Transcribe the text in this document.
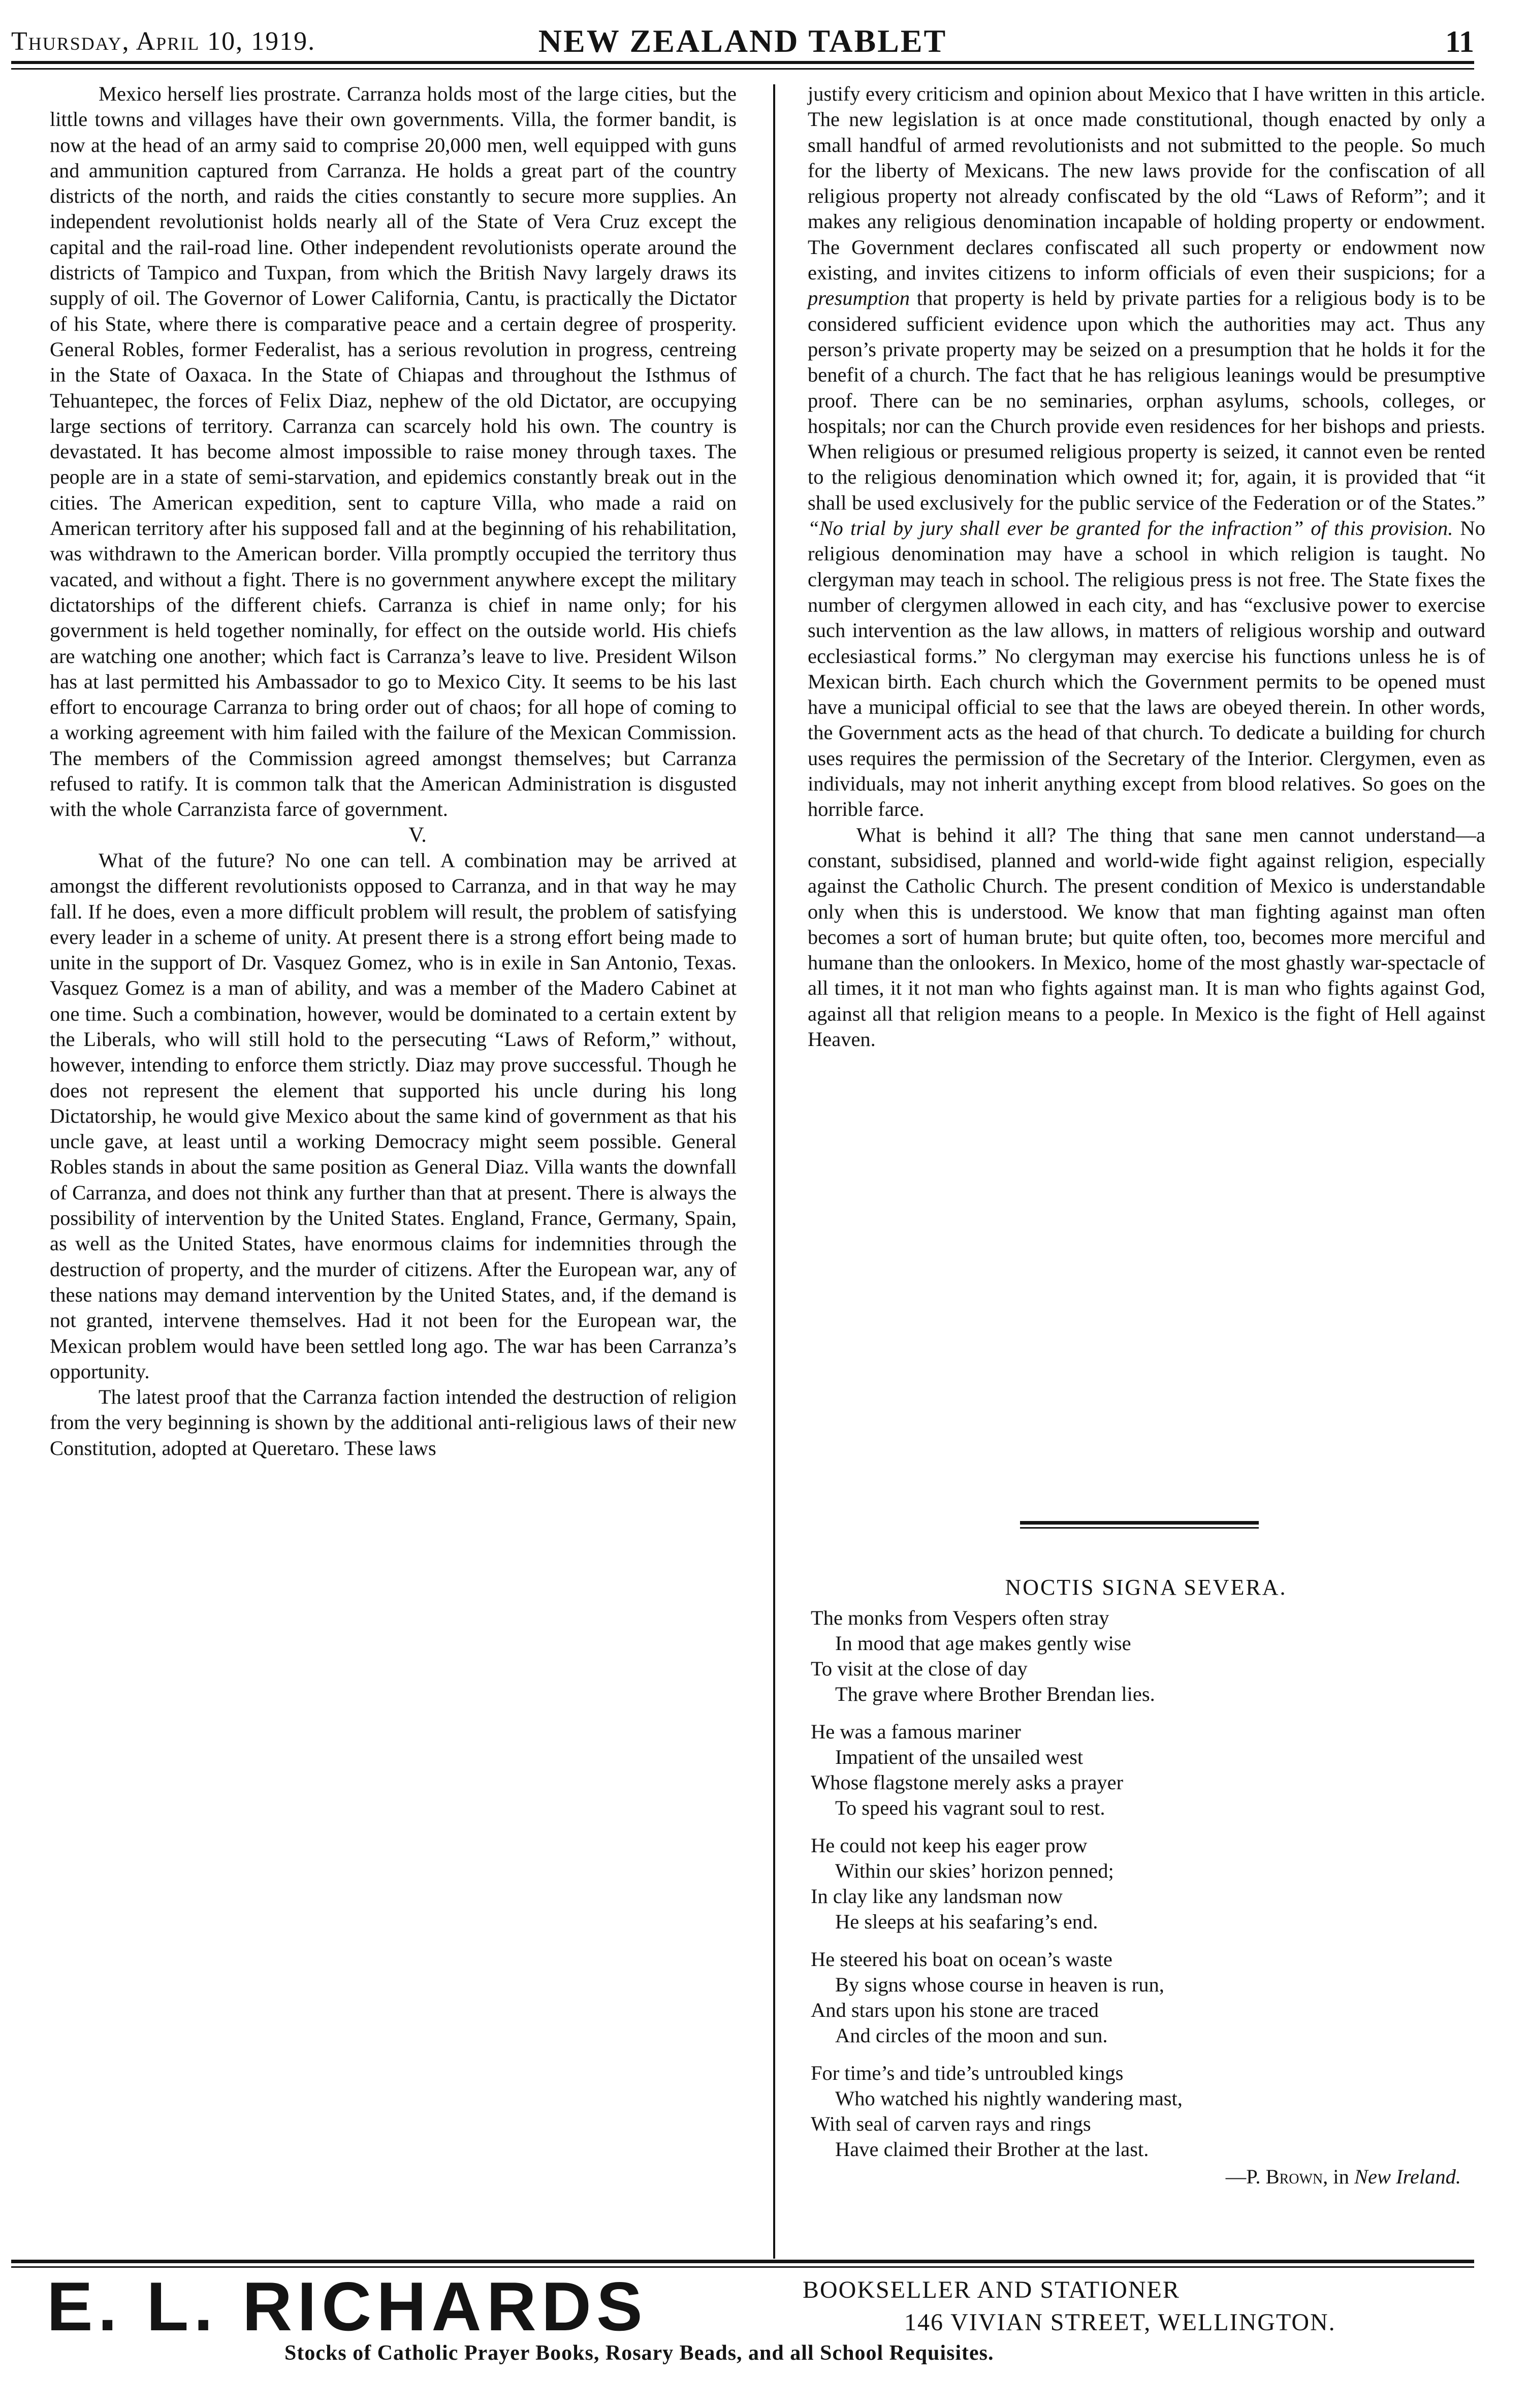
Thursday, April 10, 1919.	NEW ZEALAND TABLET	11

Mexico herself lies prostrate. Carranza holds most of the large cities, but the little towns and villages have their own governments. Villa, the former bandit, is now at the head of an army said to comprise 20,000 men, well equipped with guns and ammunition captured from Carranza. He holds a great part of the country districts of the north, and raids the cities constantly to secure more supplies. An independent revolutionist holds nearly all of the State of Vera Cruz except the capital and the rail-road line. Other independent revolutionists operate around the districts of Tampico and Tuxpan, from which the British Navy largely draws its supply of oil. The Governor of Lower California, Cantu, is practically the Dictator of his State, where there is comparative peace and a certain degree of prosperity. General Robles, former Federalist, has a serious revolution in progress, centreing in the State of Oaxaca. In the State of Chiapas and throughout the Isthmus of Tehuantepec, the forces of Felix Diaz, nephew of the old Dictator, are occupying large sections of territory. Carranza can scarcely hold his own. The country is devastated. It has become almost impossible to raise money through taxes. The people are in a state of semi-starvation, and epidemics constantly break out in the cities. The American expedition, sent to capture Villa, who made a raid on American territory after his supposed fall and at the beginning of his rehabilitation, was withdrawn to the American border. Villa promptly occupied the territory thus vacated, and without a fight. There is no government anywhere except the military dictatorships of the different chiefs. Carranza is chief in name only; for his government is held together nominally, for effect on the outside world. His chiefs are watching one another; which fact is Carranza’s leave to live. President Wilson has at last permitted his Ambassador to go to Mexico City. It seems to be his last effort to encourage Carranza to bring order out of chaos; for all hope of coming to a working agreement with him failed with the failure of the Mexican Commission. The members of the Commission agreed amongst themselves; but Carranza refused to ratify. It is common talk that the American Administration is disgusted with the whole Carranzista farce of government.

V.

What of the future? No one can tell. A combination may be arrived at amongst the different revolutionists opposed to Carranza, and in that way he may fall. If he does, even a more difficult problem will result, the problem of satisfying every leader in a scheme of unity. At present there is a strong effort being made to unite in the support of Dr. Vasquez Gomez, who is in exile in San Antonio, Texas. Vasquez Gomez is a man of ability, and was a member of the Madero Cabinet at one time. Such a combination, however, would be dominated to a certain extent by the Liberals, who will still hold to the persecuting “Laws of Reform,” without, however, intending to enforce them strictly. Diaz may prove successful. Though he does not represent the element that supported his uncle during his long Dictatorship, he would give Mexico about the same kind of government as that his uncle gave, at least until a working Democracy might seem possible. General Robles stands in about the same position as General Diaz. Villa wants the downfall of Carranza, and does not think any further than that at present. There is always the possibility of intervention by the United States. England, France, Germany, Spain, as well as the United States, have enormous claims for indemnities through the destruction of property, and the murder of citizens. After the European war, any of these nations may demand intervention by the United States, and, if the demand is not granted, intervene themselves. Had it not been for the European war, the Mexican problem would have been settled long ago. The war has been Carranza’s opportunity.

The latest proof that the Carranza faction intended the destruction of religion from the very beginning is shown by the additional anti-religious laws of their new Constitution, adopted at Queretaro. These laws

justify every criticism and opinion about Mexico that I have written in this article. The new legislation is at once made constitutional, though enacted by only a small handful of armed revolutionists and not submitted to the people. So much for the liberty of Mexicans. The new laws provide for the confiscation of all religious property not already confiscated by the old “Laws of Reform”; and it makes any religious denomination incapable of holding property or endowment. The Government declares confiscated all such property or endowment now existing, and invites citizens to inform officials of even their suspicions; for a presumption that property is held by private parties for a religious body is to be considered sufficient evidence upon which the authorities may act. Thus any person’s private property may be seized on a presumption that he holds it for the benefit of a church. The fact that he has religious leanings would be presumptive proof. There can be no seminaries, orphan asylums, schools, colleges, or hospitals; nor can the Church provide even residences for her bishops and priests. When religious or presumed religious property is seized, it cannot even be rented to the religious denomination which owned it; for, again, it is provided that “it shall be used exclusively for the public service of the Federation or of the States.” “No trial by jury shall ever be granted for the infraction” of this provision. No religious denomination may have a school in which religion is taught. No clergyman may teach in school. The religious press is not free. The State fixes the number of clergymen allowed in each city, and has “exclusive power to exercise such intervention as the law allows, in matters of religious worship and outward ecclesiastical forms.” No clergyman may exercise his functions unless he is of Mexican birth. Each church which the Government permits to be opened must have a municipal official to see that the laws are obeyed therein. In other words, the Government acts as the head of that church. To dedicate a building for church uses requires the permission of the Secretary of the Interior. Clergymen, even as individuals, may not inherit anything except from blood relatives. So goes on the horrible farce.

What is behind it all? The thing that sane men cannot understand—a constant, subsidised, planned and world-wide fight against religion, especially against the Catholic Church. The present condition of Mexico is understandable only when this is understood. We know that man fighting against man often becomes a sort of human brute; but quite often, too, becomes more merciful and humane than the onlookers. In Mexico, home of the most ghastly war-spectacle of all times, it it not man who fights against man. It is man who fights against God, against all that religion means to a people. In Mexico is the fight of Hell against Heaven.

NOCTIS SIGNA SEVERA.
The monks from Vespers often stray
In mood that age makes gently wise
To visit at the close of day
The grave where Brother Brendan lies.
He was a famous mariner
Impatient of the unsailed west
Whose flagstone merely asks a prayer
To speed his vagrant soul to rest.
He could not keep his eager prow
Within our skies’ horizon penned;
In clay like any landsman now
He sleeps at his seafaring’s end.
He steered his boat on ocean’s waste
By signs whose course in heaven is run,
And stars upon his stone are traced
And circles of the moon and sun.
For time’s and tide’s untroubled kings
Who watched his nightly wandering mast,
With seal of carven rays and rings
Have claimed their Brother at the last.
—P. Brown, in New Ireland.
E. L. RICHARDS	BOOKSELLER AND STATIONER
146 VIVIAN STREET, WELLINGTON.
Stocks of Catholic Prayer Books, Rosary Beads, and all School Requisites.
